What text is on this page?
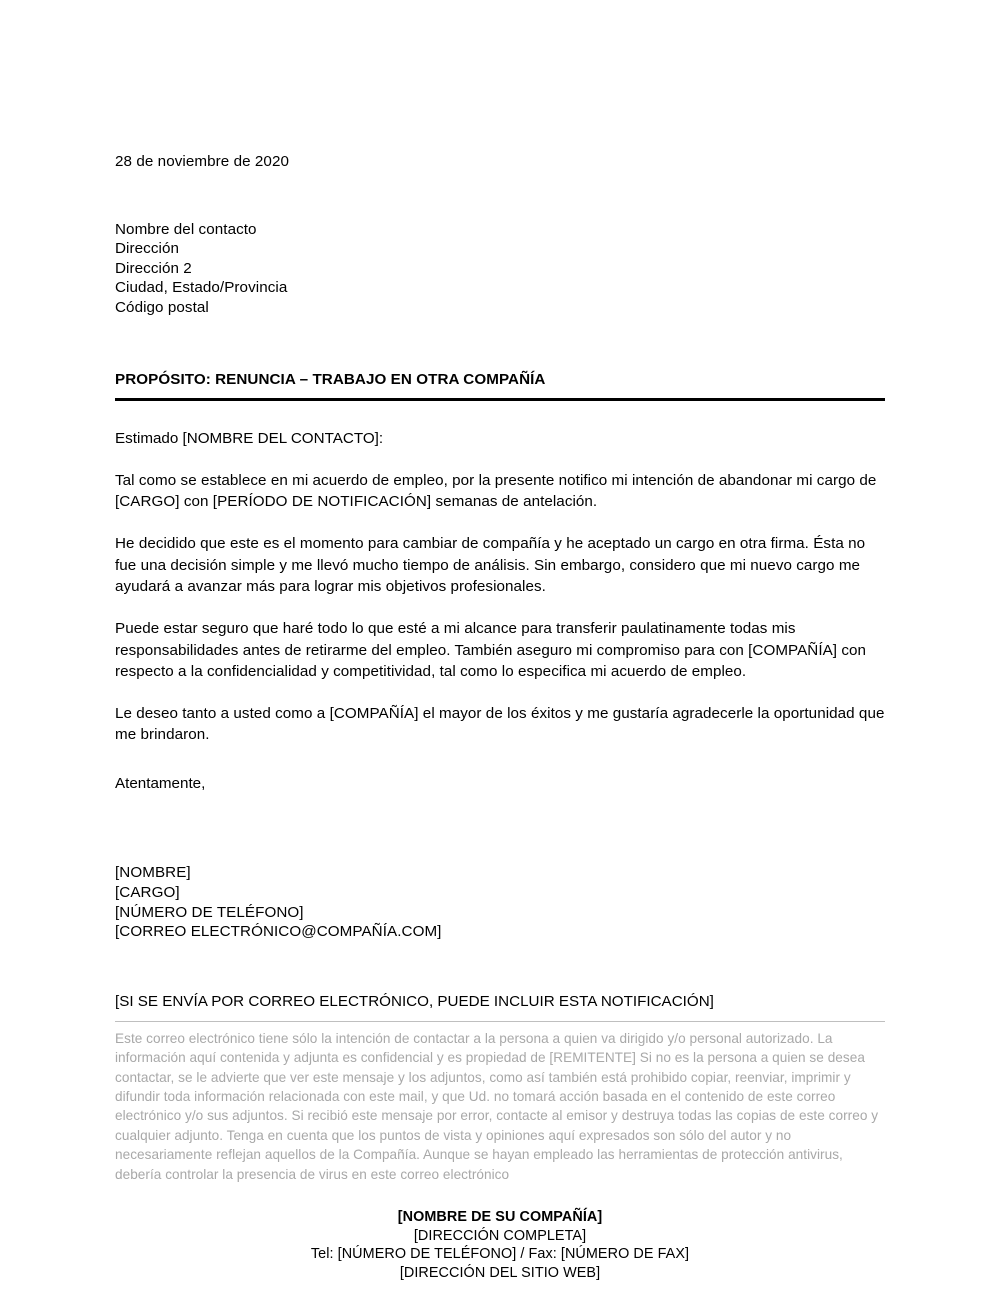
28 de noviembre de 2020
Nombre del contacto
Dirección
Dirección 2
Ciudad, Estado/Provincia
Código postal
PROPÓSITO: RENUNCIA – TRABAJO EN OTRA COMPAÑÍA
Estimado [NOMBRE DEL CONTACTO]:

Tal como se establece en mi acuerdo de empleo, por la presente notifico mi intención de abandonar mi cargo de [CARGO] con [PERÍODO DE NOTIFICACIÓN] semanas de antelación.

He decidido que este es el momento para cambiar de compañía y he aceptado un cargo en otra firma. Ésta no fue una decisión simple y me llevó mucho tiempo de análisis. Sin embargo, considero que mi nuevo cargo me ayudará a avanzar más para lograr mis objetivos profesionales.

Puede estar seguro que haré todo lo que esté a mi alcance para transferir paulatinamente todas mis responsabilidades antes de retirarme del empleo. También aseguro mi compromiso para con [COMPAÑÍA] con respecto a la confidencialidad y competitividad, tal como lo especifica mi acuerdo de empleo.

Le deseo tanto a usted como a [COMPAÑÍA] el mayor de los éxitos y me gustaría agradecerle la oportunidad que me brindaron.

Atentamente,
[NOMBRE]
[CARGO]
[NÚMERO DE TELÉFONO]
[CORREO ELECTRÓNICO@COMPAÑÍA.COM]
[SI SE ENVÍA POR CORREO ELECTRÓNICO, PUEDE INCLUIR ESTA NOTIFICACIÓN]

Este correo electrónico tiene sólo la intención de contactar a la persona a quien va dirigido y/o personal autorizado. La información aquí contenida y adjunta es confidencial y es propiedad de [REMITENTE] Si no es la persona a quien se desea contactar, se le advierte que ver este mensaje y los adjuntos, como así también está prohibido copiar, reenviar, imprimir y difundir toda información relacionada con este mail, y que Ud. no tomará acción basada en el contenido de este correo electrónico y/o sus adjuntos. Si recibió este mensaje por error, contacte al emisor y destruya todas las copias de este correo y cualquier adjunto. Tenga en cuenta que los puntos de vista y opiniones aquí expresados son sólo del autor y no necesariamente reflejan aquellos de la Compañía. Aunque se hayan empleado las herramientas de protección antivirus, debería controlar la presencia de virus en este correo electrónico

[NOMBRE DE SU COMPAÑÍA]
[DIRECCIÓN COMPLETA]
Tel: [NÚMERO DE TELÉFONO] / Fax: [NÚMERO DE FAX]
[DIRECCIÓN DEL SITIO WEB]
